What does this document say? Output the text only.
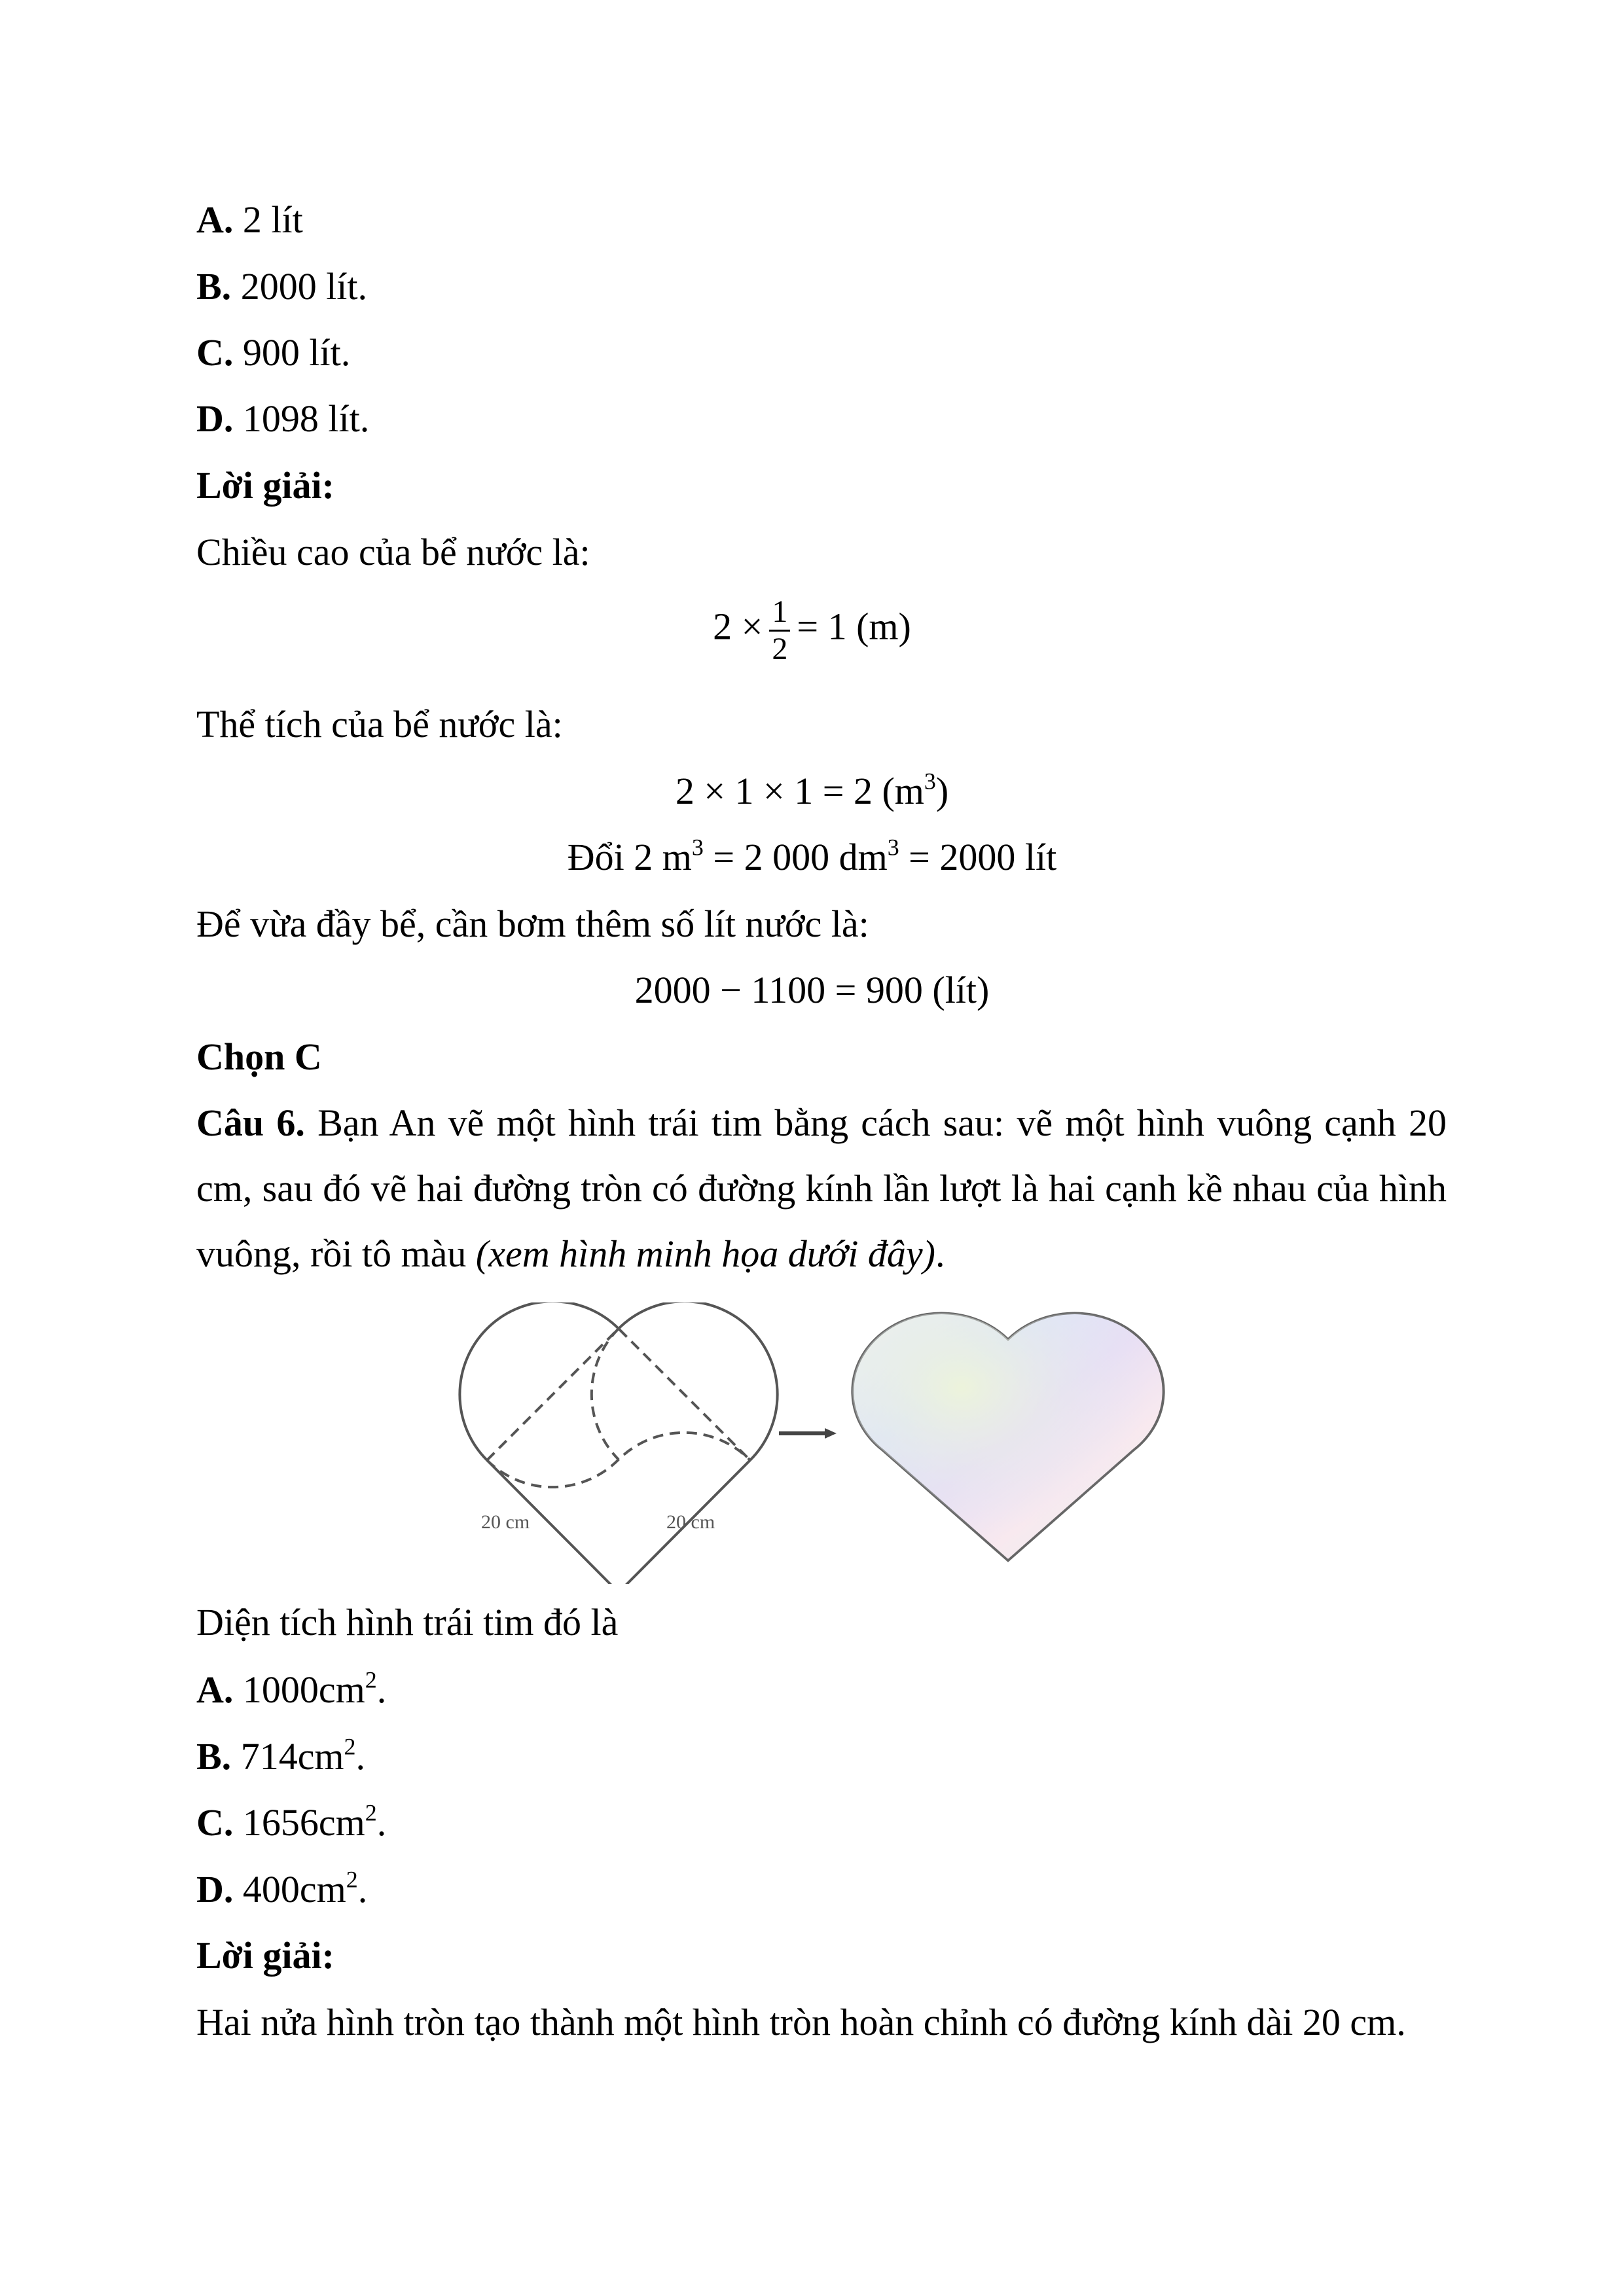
A. 2 lít
B. 2000 lít.
C. 900 lít.
D. 1098 lít.
Lời giải:
Chiều cao của bể nước là:
$2 \times \frac{1}{2} = 1$ (m)
Thể tích của bể nước là:
2 × 1 × 1 = 2 $(m^3)$
Đổi 2 $m^3 = 2$ 000 $dm^3 = 2000$ lít
Để vừa đầy bể, cần bơm thêm số lít nước là:
2000 − 1100 = 900 (lít)
Chọn C
Câu 6. Bạn An vẽ một hình trái tim bằng cách sau: vẽ một hình vuông cạnh 20 cm, sau đó vẽ hai đường tròn có đường kính lần lượt là hai cạnh kề nhau của hình vuông, rồi tô màu (xem hình minh họa dưới đây).
20 cm	20 cm
Diện tích hình trái tim đó là
A. $1000cm^2$.
B. $714cm^2$.
C. $1656cm^2$.
D. $400cm^2$.
Lời giải:
Hai nửa hình tròn tạo thành một hình tròn hoàn chỉnh có đường kính dài 20 cm.
